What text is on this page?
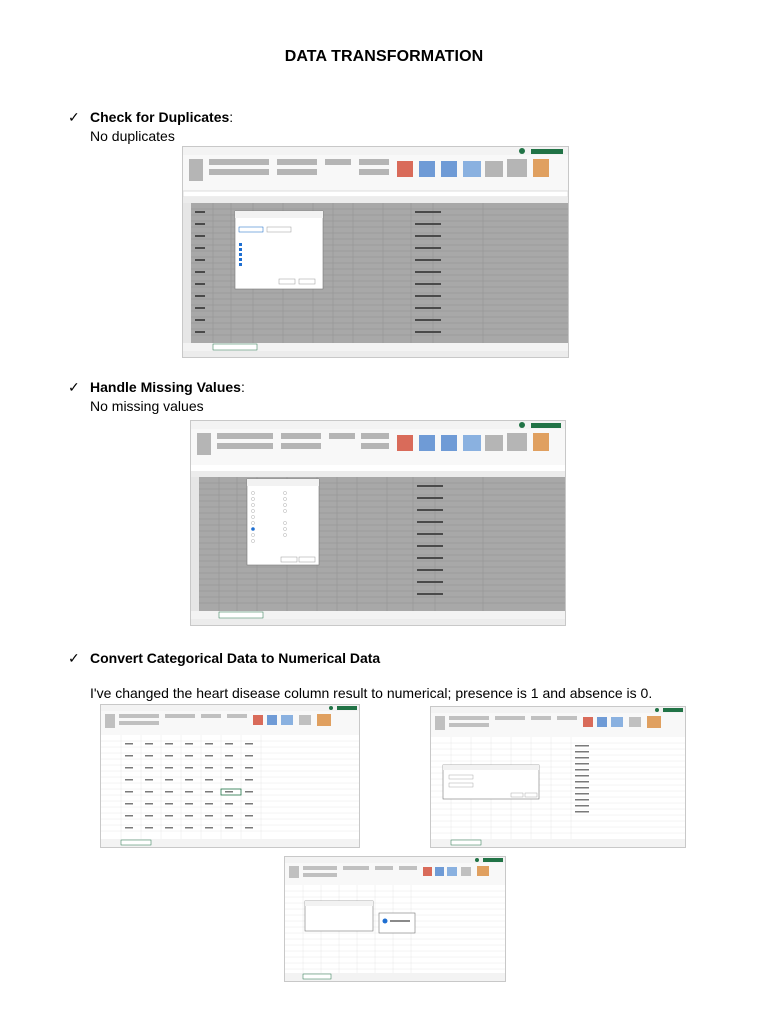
DATA TRANSFORMATION
✓ Check for Duplicates:
No duplicates
✓ Handle Missing Values:
No missing values
✓ Convert Categorical Data to Numerical Data
I've changed the heart disease column result to numerical; presence is 1 and absence is 0.
